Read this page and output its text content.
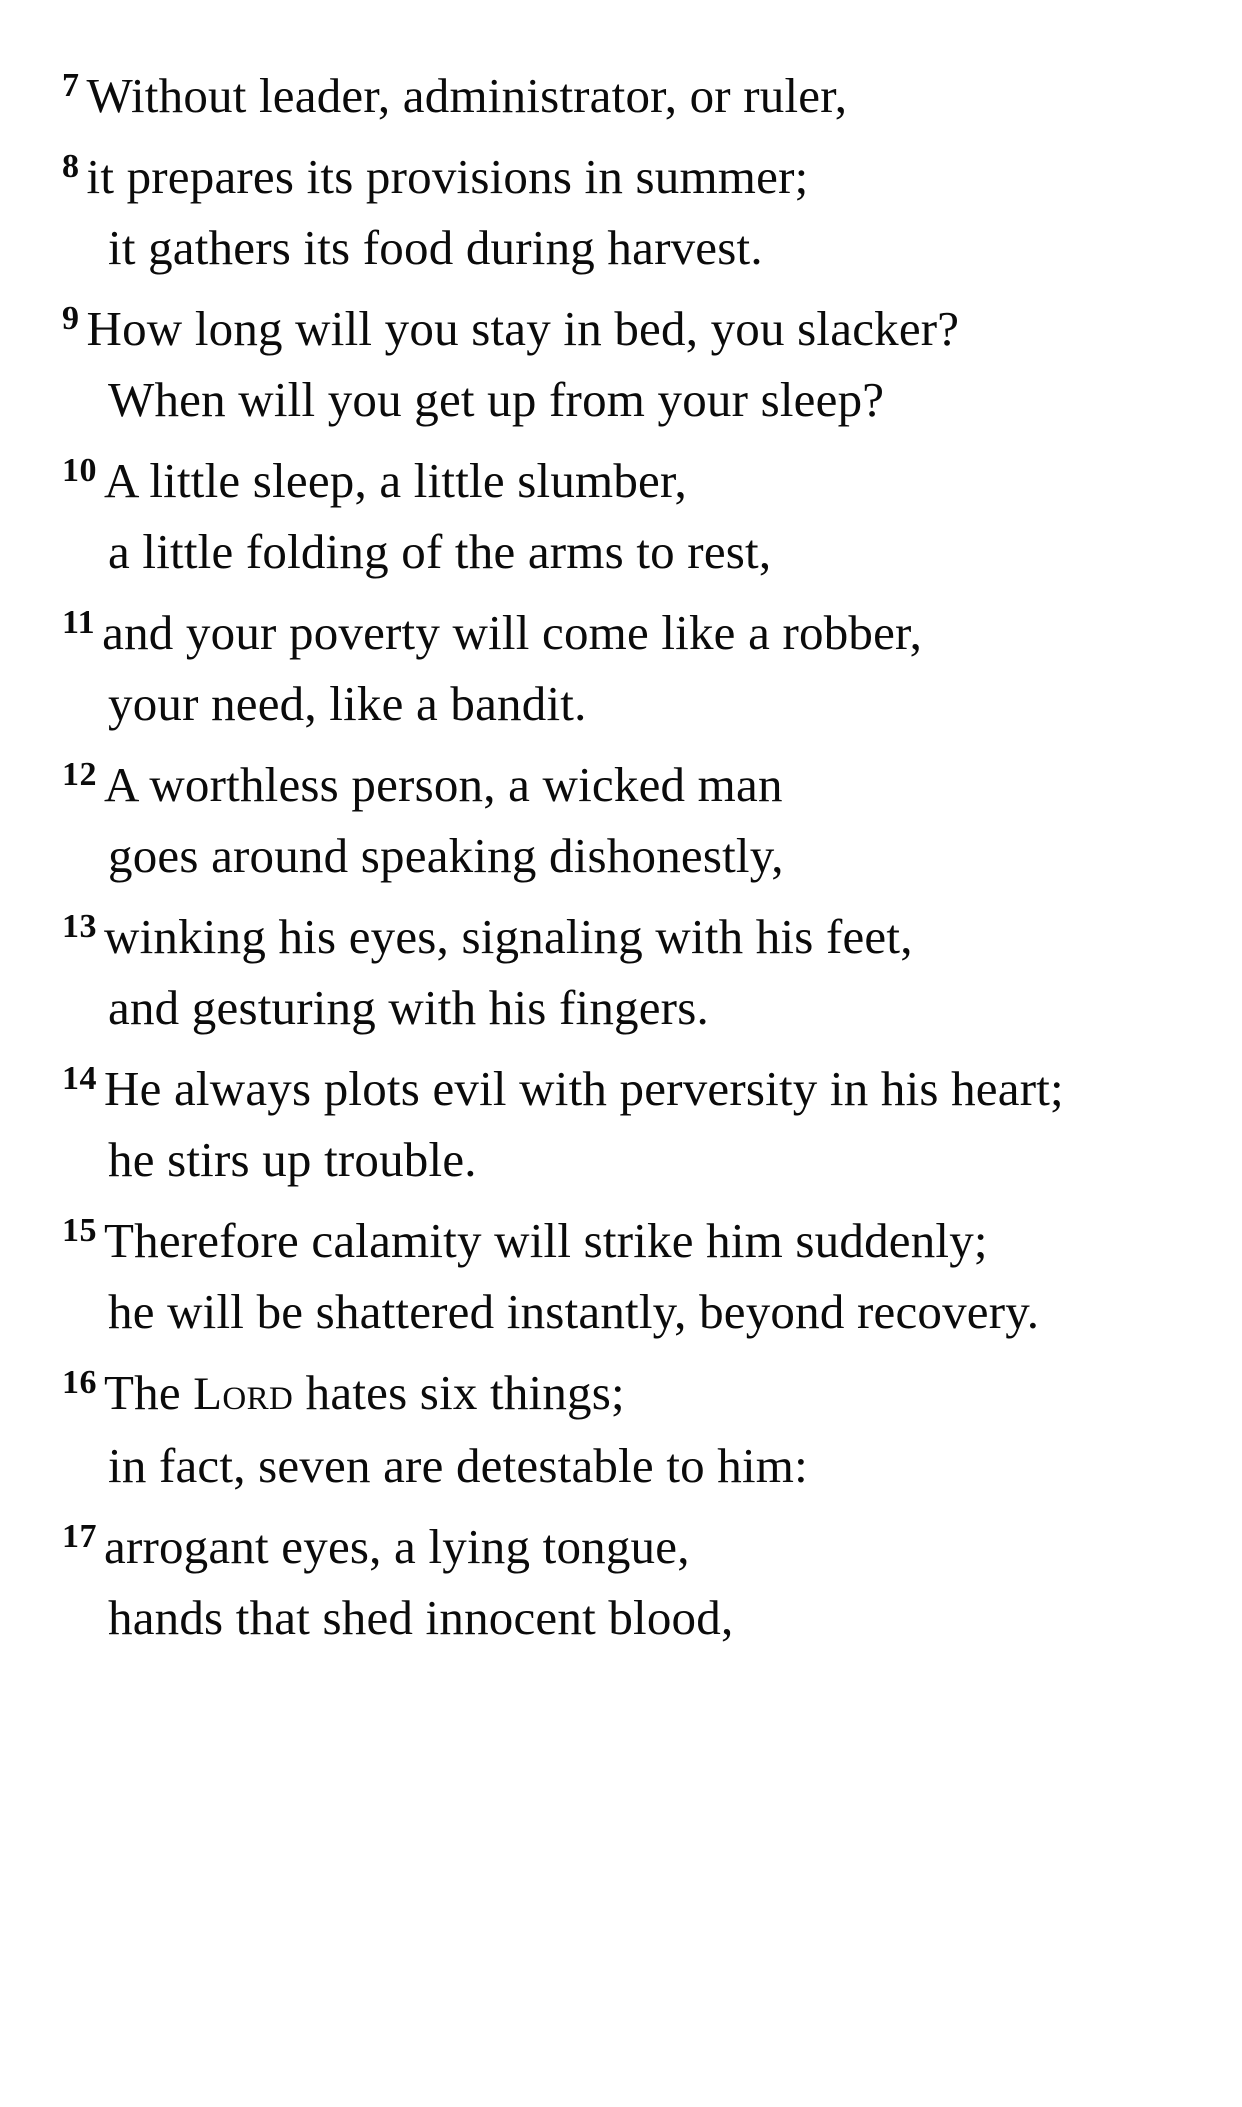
$^7$ Without leader, administrator, or ruler,

$^8$ it prepares its provisions in summer;

it gathers its food during harvest.

$^9$ How long will you stay in bed, you slacker?

When will you get up from your sleep?

$^{10}$ A little sleep, a little slumber,

a little folding of the arms to rest,

$^{11}$ and your poverty will come like a robber,

your need, like a bandit.

$^{12}$ A worthless person, a wicked man

goes around speaking dishonestly,

$^{13}$ winking his eyes, signaling with his feet,

and gesturing with his fingers.

$^{14}$ He always plots evil with perversity in his heart;

he stirs up trouble.

$^{15}$ Therefore calamity will strike him suddenly;

he will be shattered instantly, beyond recovery.

$^{16}$ The Lord hates six things;

in fact, seven are detestable to him:

$^{17}$ arrogant eyes, a lying tongue,

hands that shed innocent blood,
